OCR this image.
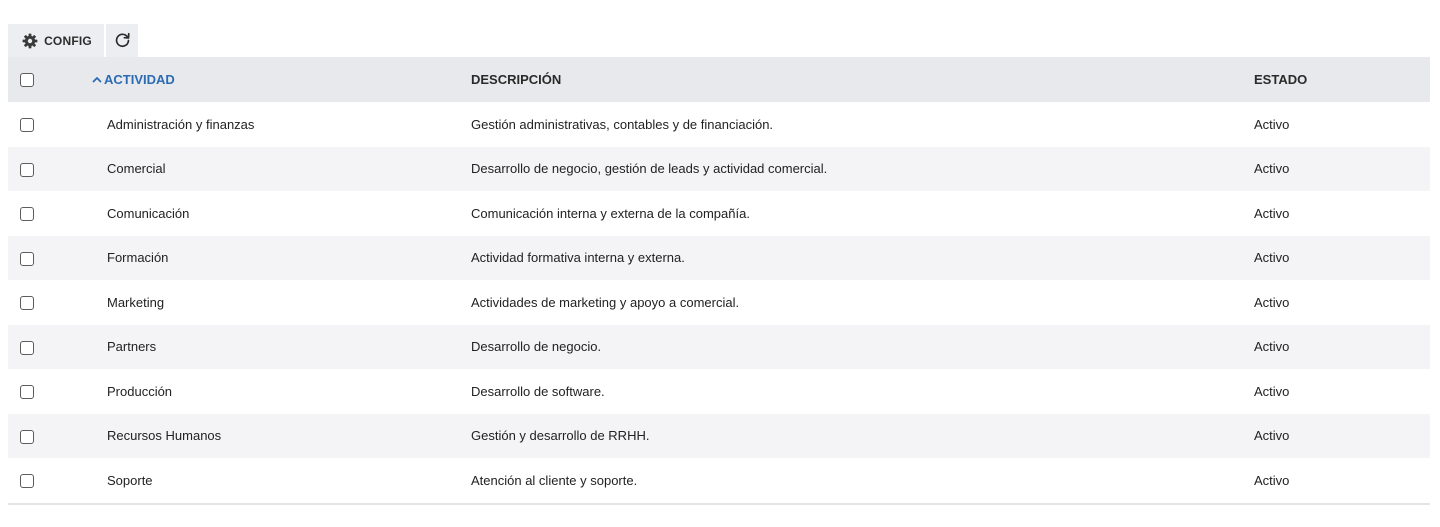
CONFIG
	ACTIVIDAD	DESCRIPCIÓN	ESTADO
	Administración y finanzas	Gestión administrativas, contables y de financiación.	Activo
	Comercial	Desarrollo de negocio, gestión de leads y actividad comercial.	Activo
	Comunicación	Comunicación interna y externa de la compañía.	Activo
	Formación	Actividad formativa interna y externa.	Activo
	Marketing	Actividades de marketing y apoyo a comercial.	Activo
	Partners	Desarrollo de negocio.	Activo
	Producción	Desarrollo de software.	Activo
	Recursos Humanos	Gestión y desarrollo de RRHH.	Activo
	Soporte	Atención al cliente y soporte.	Activo
